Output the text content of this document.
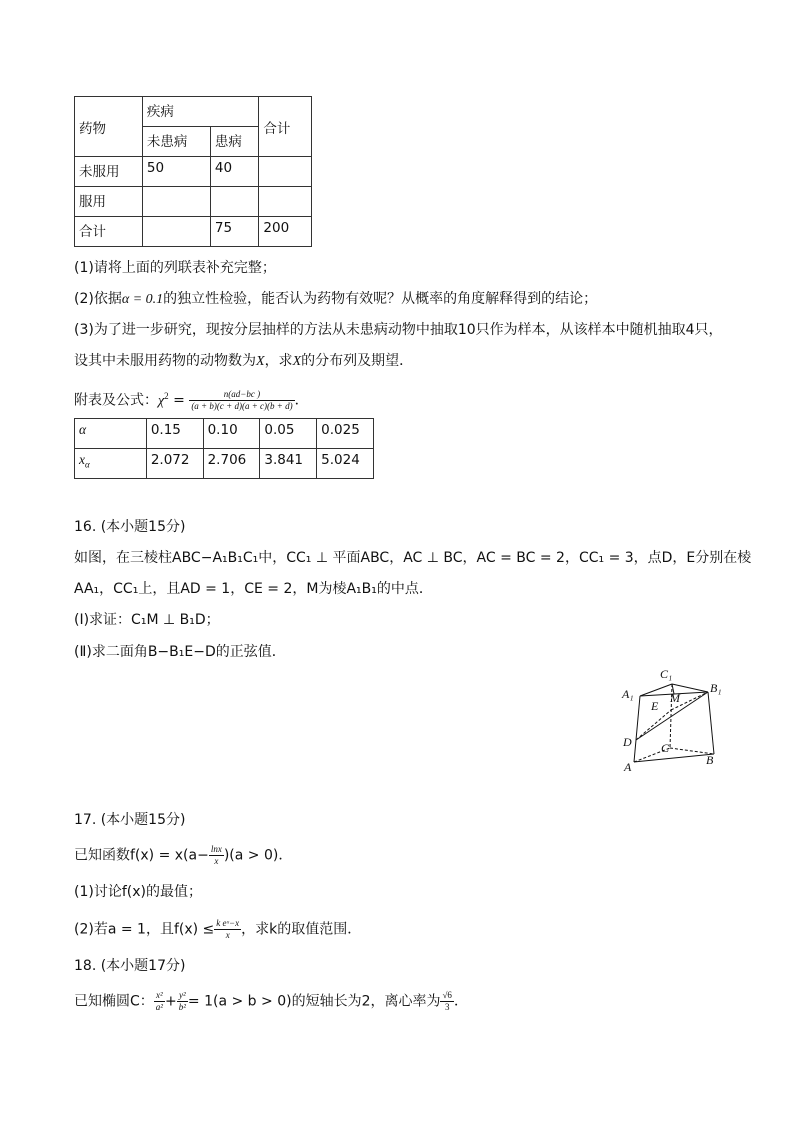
药物	疾病		合计
	未患病	患病	
未服用	50	40	
服用			
合计		75	200
(1)请将上面的列联表补充完整；
(2)依据α = 0.1的独立性检验，能否认为药物有效呢？从概率的角度解释得到的结论；
(3)为了进一步研究，现按分层抽样的方法从未患病动物中抽取10只作为样本，从该样本中随机抽取4只，
设其中未服用药物的动物数为X，求X的分布列及期望．
附表及公式：$\chi^2 = \frac{n(ad-bc )}{(a + b)(c + d)(a + c)(b + d)}$ ．
α	0.15	0.10	0.05	0.025
$x_\alpha$	2.072	2.706	3.841	5.024
16. (本小题15分)
如图，在三棱柱ABC−A₁B₁C₁中，CC₁ ⊥ 平面ABC，AC ⊥ BC，AC = BC = 2，CC₁ = 3，点D，E分别在棱
AA₁，CC₁上，且AD = 1，CE = 2，M为棱A₁B₁的中点．
(Ⅰ)求证：C₁M ⊥ B₁D；
(Ⅱ)求二面角B−B₁E−D的正弦值．
C₁
A₁	M
B₁
E
D C
A	B
17. (本小题15分)
已知函数$f(x) = x(a- \frac{\ln x}{x} )(a > 0)$．
(1)讨论f(x)的最值；
(2)若a = 1，且$f(x) \le \frac{\text{k eˣ−x}}{x}$ ，求k的取值范围．
18. (本小题17分)
已知椭圆C： $\frac{\text{x²}}{\text{a²}} + \frac{\text{y²}}{\text{b²}} = 1(a > b > 0)$的短轴长为2，离心率为 $\frac{√6}{3}$ ．
